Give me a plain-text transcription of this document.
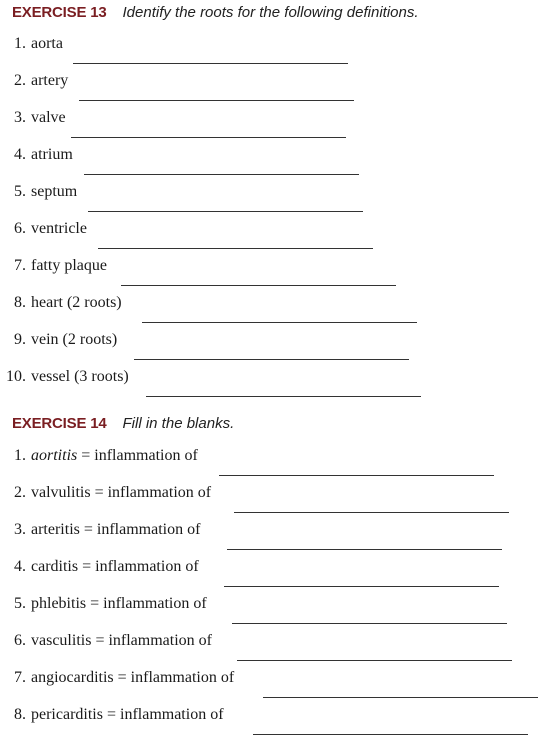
EXERCISE 13 Identify the roots for the following definitions.
1. aorta
2. artery
3. valve
4. atrium
5. septum
6. ventricle
7. fatty plaque
8. heart (2 roots)
9. vein (2 roots)
10. vessel (3 roots)
EXERCISE 14 Fill in the blanks.
1. aortitis = inflammation of
2. valvulitis = inflammation of
3. arteritis = inflammation of
4. carditis = inflammation of
5. phlebitis = inflammation of
6. vasculitis = inflammation of
7. angiocarditis = inflammation of
8. pericarditis = inflammation of
